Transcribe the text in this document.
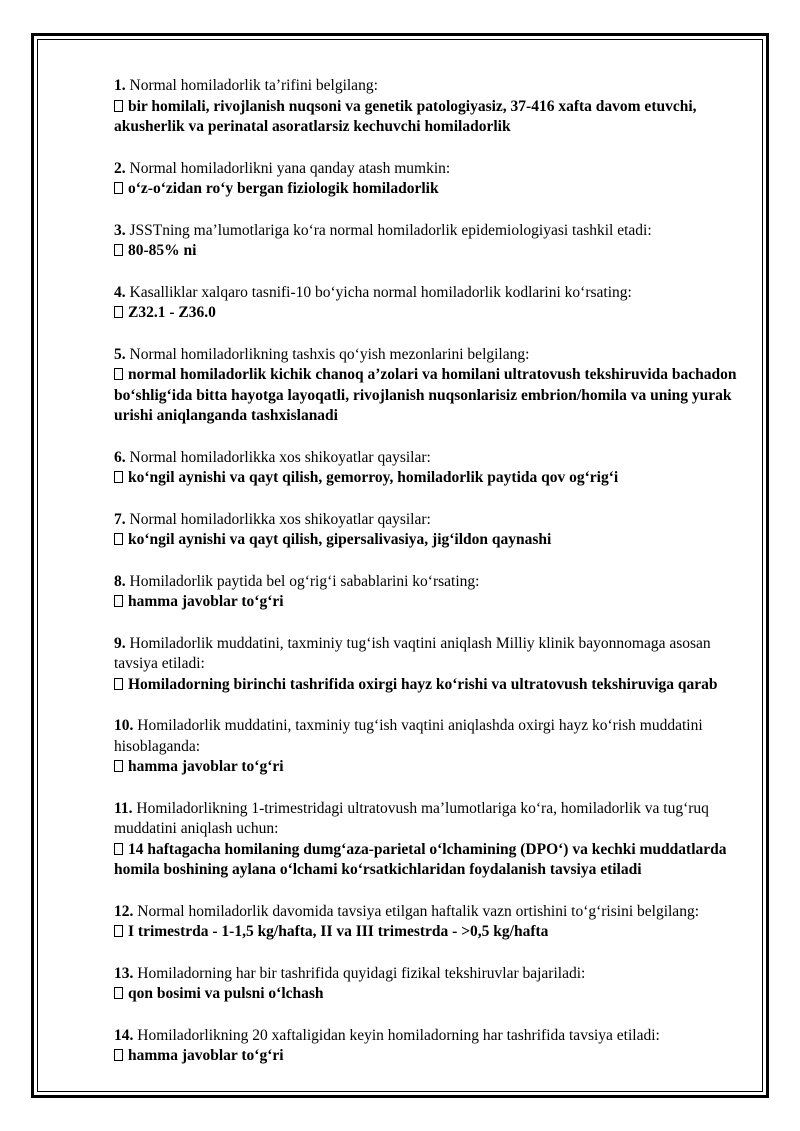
1. Normal homiladorlik ta’rifini belgilang:
bir homilali, rivojlanish nuqsoni va genetik patologiyasiz, 37-416 xafta davom etuvchi, akusherlik va perinatal asoratlarsiz kechuvchi homiladorlik
2. Normal homiladorlikni yana qanday atash mumkin:
o‘z-o‘zidan ro‘y bergan fiziologik homiladorlik
3. JSSTning ma’lumotlariga ko‘ra normal homiladorlik epidemiologiyasi tashkil etadi:
80-85% ni
4. Kasalliklar xalqaro tasnifi-10 bo‘yicha normal homiladorlik kodlarini ko‘rsating:
Z32.1 - Z36.0
5. Normal homiladorlikning tashxis qo‘yish mezonlarini belgilang:
normal homiladorlik kichik chanoq a’zolari va homilani ultratovush tekshiruvida bachadon bo‘shlig‘ida bitta hayotga layoqatli, rivojlanish nuqsonlarisiz embrion/homila va uning yurak urishi aniqlanganda tashxislanadi
6. Normal homiladorlikka xos shikoyatlar qaysilar:
ko‘ngil aynishi va qayt qilish, gemorroy, homiladorlik paytida qov og‘rig‘i
7. Normal homiladorlikka xos shikoyatlar qaysilar:
ko‘ngil aynishi va qayt qilish, gipersalivasiya, jig‘ildon qaynashi
8. Homiladorlik paytida bel og‘rig‘i sabablarini ko‘rsating:
hamma javoblar to‘g‘ri
9. Homiladorlik muddatini, taxminiy tug‘ish vaqtini aniqlash Milliy klinik bayonnomaga asosan tavsiya etiladi:
Homiladorning birinchi tashrifida oxirgi hayz ko‘rishi va ultratovush tekshiruviga qarab
10. Homiladorlik muddatini, taxminiy tug‘ish vaqtini aniqlashda oxirgi hayz ko‘rish muddatini hisoblaganda:
hamma javoblar to‘g‘ri
11. Homiladorlikning 1-trimestridagi ultratovush ma’lumotlariga ko‘ra, homiladorlik va tug‘ruq muddatini aniqlash uchun:
14 haftagacha homilaning dumg‘aza-parietal o‘lchamining (DPO‘) va kechki muddatlarda homila boshining aylana o‘lchami ko‘rsatkichlaridan foydalanish tavsiya etiladi
12. Normal homiladorlik davomida tavsiya etilgan haftalik vazn ortishini to‘g‘risini belgilang:
I trimestrda - 1-1,5 kg/hafta, II va III trimestrda - >0,5 kg/hafta
13. Homiladorning har bir tashrifida quyidagi fizikal tekshiruvlar bajariladi:
qon bosimi va pulsni o‘lchash
14. Homiladorlikning 20 xaftaligidan keyin homiladorning har tashrifida tavsiya etiladi:
hamma javoblar to‘g‘ri
